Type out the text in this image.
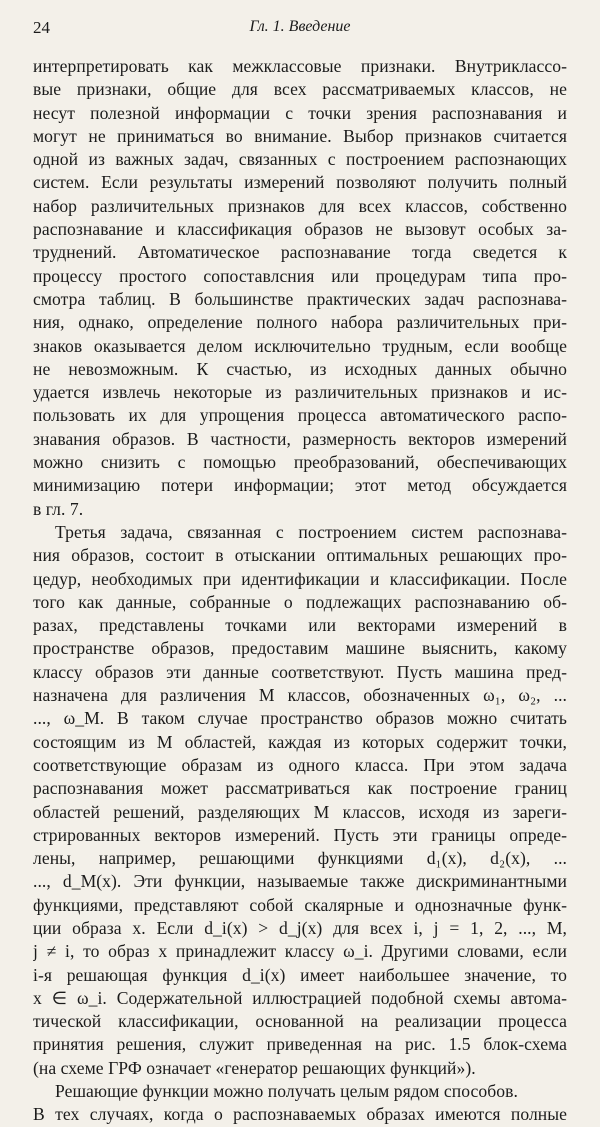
24	Гл. 1. Введение
интерпретировать как межклассовые признаки. Внутриклассо-
вые признаки, общие для всех рассматриваемых классов, не
несут полезной информации с точки зрения распознавания и
могут не приниматься во внимание. Выбор признаков считается
одной из важных задач, связанных с построением распознающих
систем. Если результаты измерений позволяют получить полный
набор различительных признаков для всех классов, собственно
распознавание и классификация образов не вызовут особых за-
труднений. Автоматическое распознавание тогда сведется к
процессу простого сопоставлсния или процедурам типа про-
смотра таблиц. В большинстве практических задач распознава-
ния, однако, определение полного набора различительных при-
знаков оказывается делом исключительно трудным, если вообще
не невозможным. К счастью, из исходных данных обычно
удается извлечь некоторые из различительных признаков и ис-
пользовать их для упрощения процесса автоматического распо-
знавания образов. В частности, размерность векторов измерений
можно снизить с помощью преобразований, обеспечивающих
минимизацию потери информации; этот метод обсуждается
в гл. 7.
Третья задача, связанная с построением систем распознава-
ния образов, состоит в отыскании оптимальных решающих про-
цедур, необходимых при идентификации и классификации. После
того как данные, собранные о подлежащих распознаванию об-
разах, представлены точками или векторами измерений в
пространстве образов, предоставим машине выяснить, какому
классу образов эти данные соответствуют. Пусть машина пред-
назначена для различения M классов, обозначенных ω₁, ω₂, ...
..., ω_M. В таком случае пространство образов можно считать
состоящим из M областей, каждая из которых содержит точки,
соответствующие образам из одного класса. При этом задача
распознавания может рассматриваться как построение границ
областей решений, разделяющих M классов, исходя из зареги-
стрированных векторов измерений. Пусть эти границы опреде-
лены, например, решающими функциями d₁(x), d₂(x), ...
..., d_M(x). Эти функции, называемые также дискриминантными
функциями, представляют собой скалярные и однозначные функ-
ции образа x. Если d_i(x) > d_j(x) для всех i, j = 1, 2, ..., M,
j ≠ i, то образ x принадлежит классу ω_i. Другими словами, если
i-я решающая функция d_i(x) имеет наибольшее значение, то
x ∈ ω_i. Содержательной иллюстрацией подобной схемы автома-
тической классификации, основанной на реализации процесса
принятия решения, служит приведенная на рис. 1.5 блок-схема
(на схеме ГРФ означает «генератор решающих функций»).
Решающие функции можно получать целым рядом способов.
В тех случаях, когда о распознаваемых образах имеются полные
